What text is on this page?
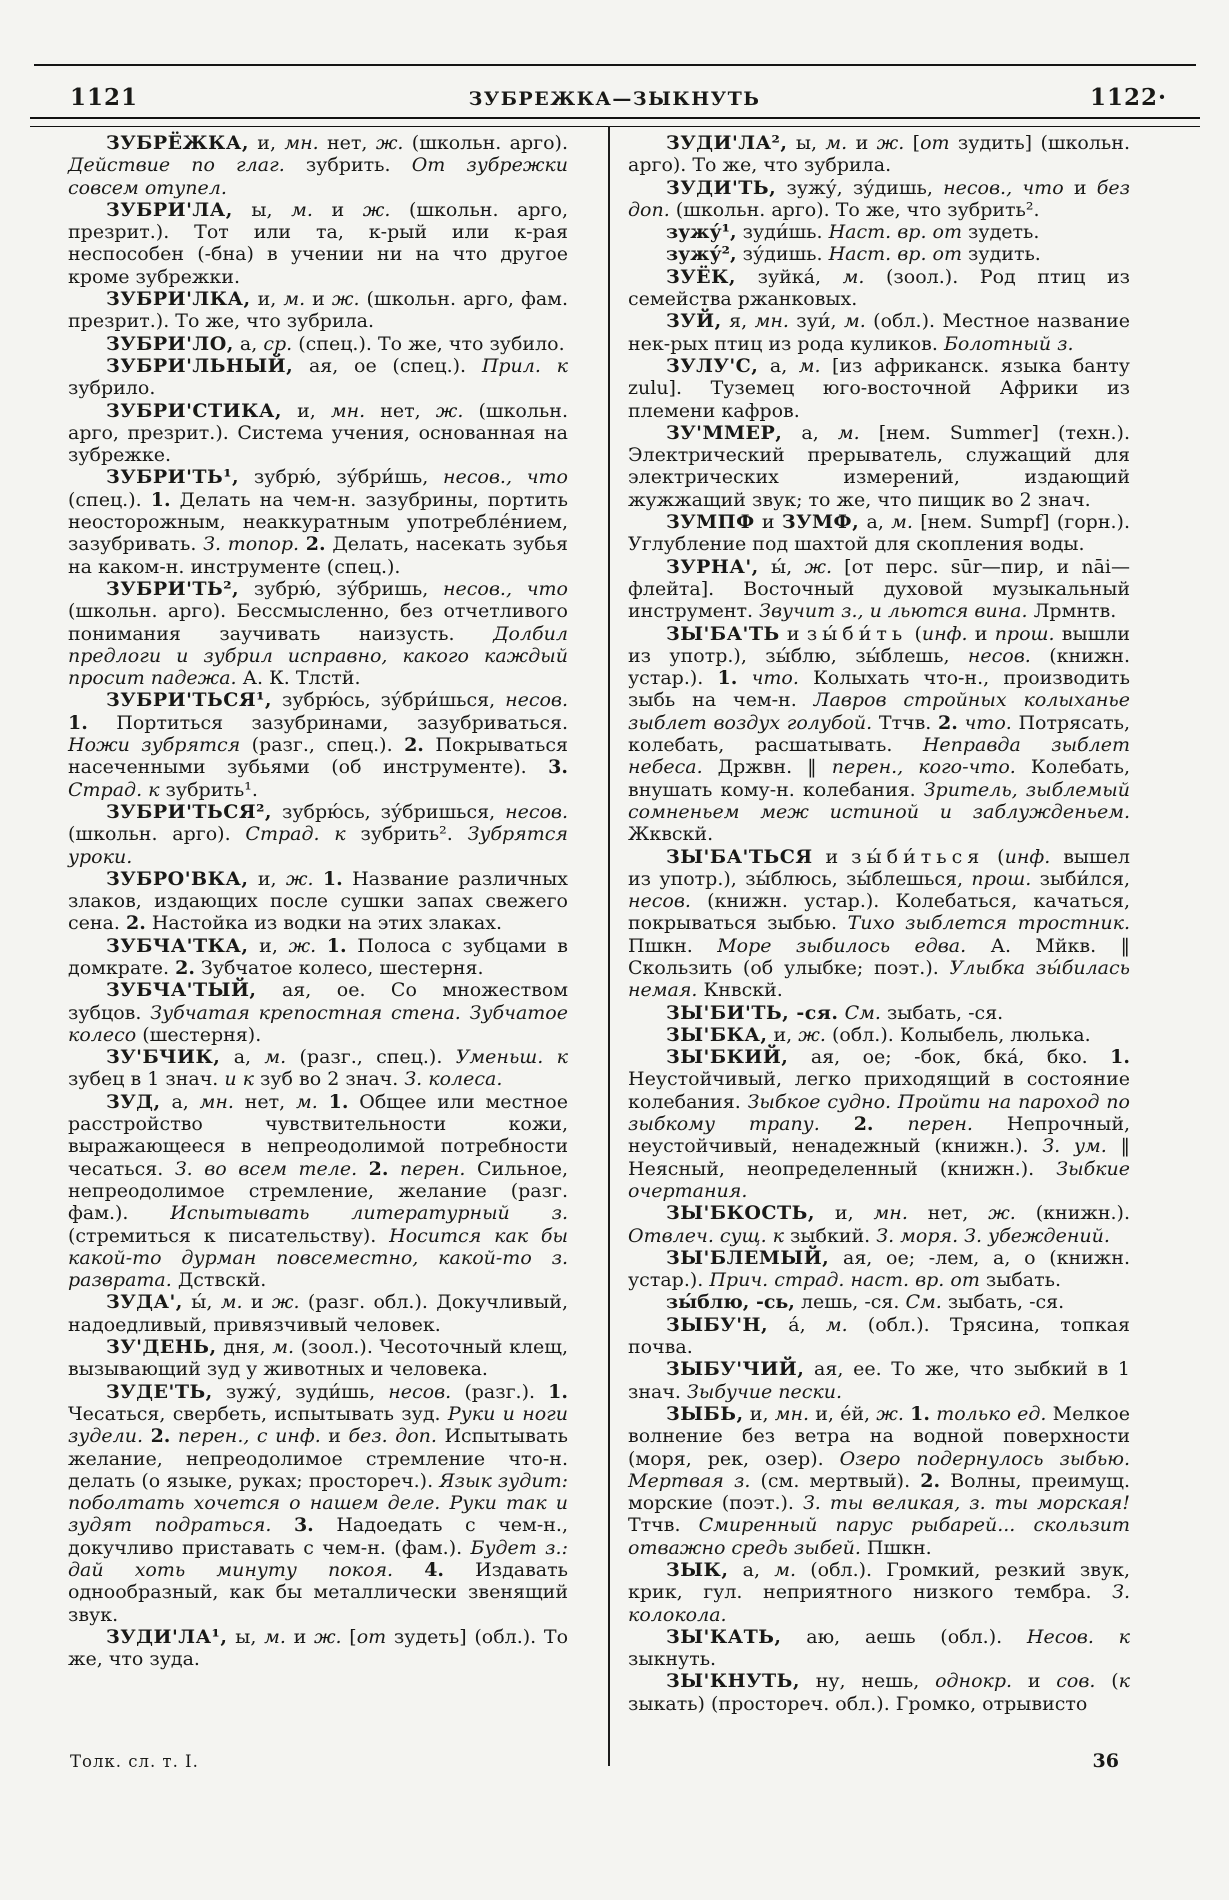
1121	ЗУБРЕЖКА—ЗЫКНУТЬ	1122·

ЗУБРЁЖКА, и, мн. нет, ж. (школьн. арго). Действие по глаг. зубрить. От зубрежки совсем отупел.

ЗУБРИ'ЛА, ы, м. и ж. (школьн. арго, презрит.). Тот или та, к-рый или к-рая неспособен (-бна) в учении ни на что другое кроме зубрежки.

ЗУБРИ'ЛКА, и, м. и ж. (школьн. арго, фам. презрит.). То же, что зубрила.

ЗУБРИ'ЛО, а, ср. (спец.). То же, что зубило.

ЗУБРИ'ЛЬНЫЙ, ая, ое (спец.). Прил. к зубрило.

ЗУБРИ'СТИКА, и, мн. нет, ж. (школьн. арго, презрит.). Система учения, основанная на зубрежке.

ЗУБРИ'ТЬ¹, зубрю́, зу́бри́шь, несов., что (спец.). 1. Делать на чем-н. зазубрины, портить неосторожным, неаккуратным употребле́нием, зазубривать. З. топор. 2. Делать, насекать зубья на каком-н. инструменте (спец.).

ЗУБРИ'ТЬ², зубрю́, зу́бришь, несов., что (школьн. арго). Бессмысленно, без отчетливого понимания заучивать наизусть. Долбил предлоги и зубрил исправно, какого каждый просит падежа. А. К. Тлстй.

ЗУБРИ'ТЬСЯ¹, зубрю́сь, зу́бри́шься, несов. 1. Портиться зазубринами, зазубриваться. Ножи зубрятся (разг., спец.). 2. Покрываться насеченными зубьями (об инструменте). 3. Страд. к зубрить¹.

ЗУБРИ'ТЬСЯ², зубрю́сь, зу́бришься, несов. (школьн. арго). Страд. к зубрить². Зубрятся уроки.

ЗУБРО'ВКА, и, ж. 1. Название различных злаков, издающих после сушки запах свежего сена. 2. Настойка из водки на этих злаках.

ЗУБЧА'ТКА, и, ж. 1. Полоса с зубцами в домкрате. 2. Зубчатое колесо, шестерня.

ЗУБЧА'ТЫЙ, ая, ое. Со множеством зубцов. Зубчатая крепостная стена. Зубчатое колесо (шестерня).

ЗУ'БЧИК, а, м. (разг., спец.). Уменьш. к зубец в 1 знач. и к зуб во 2 знач. З. колеса.

ЗУД, а, мн. нет, м. 1. Общее или местное расстройство чувствительности кожи, выражающееся в непреодолимой потребности чесаться. З. во всем теле. 2. перен. Сильное, непреодолимое стремление, желание (разг. фам.). Испытывать литературный з. (стремиться к писательству). Носится как бы какой-то дурман повсеместно, какой-то з. разврата. Дствскй.

ЗУДА', ы́, м. и ж. (разг. обл.). Докучливый, надоедливый, привязчивый человек.

ЗУ'ДЕНЬ, дня, м. (зоол.). Чесоточный клещ, вызывающий зуд у животных и человека.

ЗУДЕ'ТЬ, зужу́, зуди́шь, несов. (разг.). 1. Чесаться, свербеть, испытывать зуд. Руки и ноги зудели. 2. перен., с инф. и без. доп. Испытывать желание, непреодолимое стремление что-н. делать (о языке, руках; простореч.). Язык зудит: поболтать хочется о нашем деле. Руки так и зудят подраться. 3. Надоедать с чем-н., докучливо приставать с чем-н. (фам.). Будет з.: дай хоть минуту покоя. 4. Издавать однообразный, как бы металлически звенящий звук.

ЗУДИ'ЛА¹, ы, м. и ж. [от зудеть] (обл.). То же, что зуда.

ЗУДИ'ЛА², ы, м. и ж. [от зудить] (школьн. арго). То же, что зубрила.

ЗУДИ'ТЬ, зужу́, зу́дишь, несов., что и без доп. (школьн. арго). То же, что зубрить².

зужу́¹, зуди́шь. Наст. вр. от зудеть.

зужу́², зу́дишь. Наст. вр. от зудить.

ЗУЁК, зуйка́, м. (зоол.). Род птиц из семейства ржанковых.

ЗУЙ, я, мн. зуи́, м. (обл.). Местное название нек-рых птиц из рода куликов. Болотный з.

ЗУЛУ'С, а, м. [из африканск. языка банту zulu]. Туземец юго-восточной Африки из племени кафров.

ЗУ'ММЕР, а, м. [нем. Summer] (техн.). Электрический прерыватель, служащий для электрических измерений, издающий жужжащий звук; то же, что пищик во 2 знач.

ЗУМПФ и ЗУМФ, а, м. [нем. Sumpf] (горн.). Углубление под шахтой для скопления воды.

ЗУРНА', ы́, ж. [от перс. sūr—пир, и nāi—флейта]. Восточный духовой музыкальный инструмент. Звучит з., и льются вина. Лрмнтв.

ЗЫ'БА'ТЬ и зы́би́ть (инф. и прош. вышли из употр.), зы́блю, зы́блешь, несов. (книжн. устар.). 1. что. Колыхать что-н., производить зыбь на чем-н. Лавров стройных колыханье зыблет воздух голубой. Ттчв. 2. что. Потрясать, колебать, расшатывать. Неправда зыблет небеса. Држвн. ‖ перен., кого-что. Колебать, внушать кому-н. колебания. Зритель, зыблемый сомненьем меж истиной и заблужденьем. Жквскй.

ЗЫ'БА'ТЬСЯ и зы́би́ться (инф. вышел из употр.), зы́блюсь, зы́блешься, прош. зыби́лся, несов. (книжн. устар.). Колебаться, качаться, покрываться зыбью. Тихо зыблется тростник. Пшкн. Море зыбилось едва. А. Мйкв. ‖ Скользить (об улыбке; поэт.). Улыбка зы́билась немая. Кнвскй.

ЗЫ'БИ'ТЬ, -ся. См. зыбать, -ся.

ЗЫ'БКА, и, ж. (обл.). Колыбель, люлька.

ЗЫ'БКИЙ, ая, ое; -бок, бка́, бко. 1. Неустойчивый, легко приходящий в состояние колебания. Зыбкое судно. Пройти на пароход по зыбкому трапу. 2. перен. Непрочный, неустойчивый, ненадежный (книжн.). З. ум. ‖ Неясный, неопределенный (книжн.). Зыбкие очертания.

ЗЫ'БКОСТЬ, и, мн. нет, ж. (книжн.). Отвлеч. сущ. к зыбкий. З. моря. З. убеждений.

ЗЫ'БЛЕМЫЙ, ая, ое; -лем, а, о (книжн. устар.). Прич. страд. наст. вр. от зыбать.

зы́блю, -сь, лешь, -ся. См. зыбать, -ся.

ЗЫБУ'Н, а́, м. (обл.). Трясина, топкая почва.

ЗЫБУ'ЧИЙ, ая, ее. То же, что зыбкий в 1 знач. Зыбучие пески.

ЗЫБЬ, и, мн. и, е́й, ж. 1. только ед. Мелкое волнение без ветра на водной поверхности (моря, рек, озер). Озеро подернулось зыбью. Мертвая з. (см. мертвый). 2. Волны, преимущ. морские (поэт.). З. ты великая, з. ты морская! Ттчв. Смиренный парус рыбарей... скользит отважно средь зыбей. Пшкн.

ЗЫК, а, м. (обл.). Громкий, резкий звук, крик, гул. неприятного низкого тембра. З. колокола.

ЗЫ'КАТЬ, аю, аешь (обл.). Несов. к зыкнуть.

ЗЫ'КНУТЬ, ну, нешь, однокр. и сов. (к зыкать) (простореч. обл.). Громко, отрывисто

Толк. сл. т. I.	36
